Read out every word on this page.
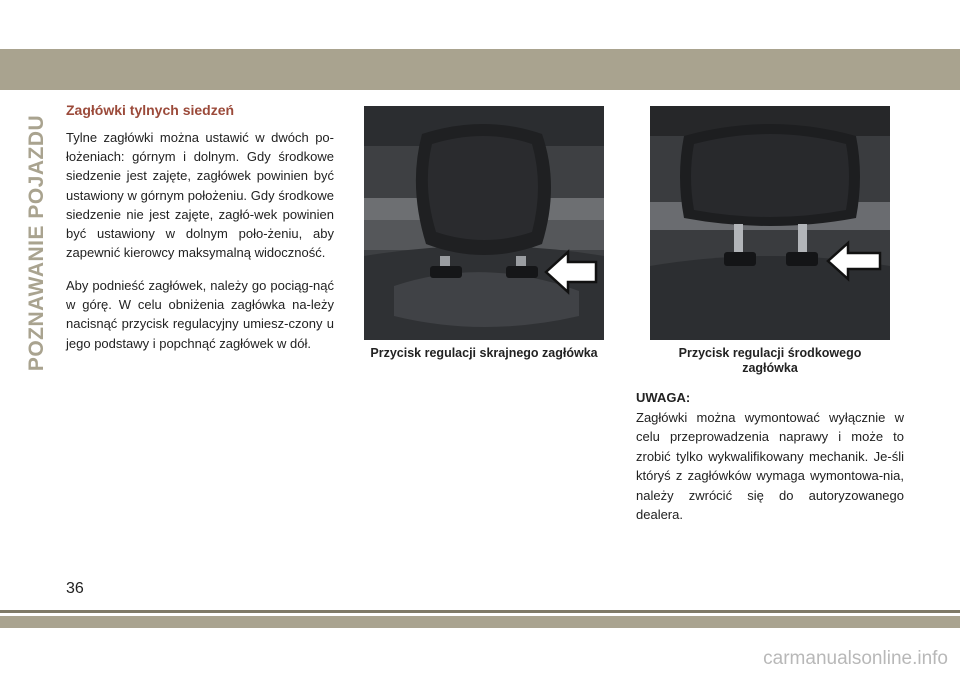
POZNAWANIE POJAZDU
Zagłówki tylnych siedzeń

Tylne zagłówki można ustawić w dwóch po-łożeniach: górnym i dolnym. Gdy środkowe siedzenie jest zajęte, zagłówek powinien być ustawiony w górnym położeniu. Gdy środkowe siedzenie nie jest zajęte, zagłó-wek powinien być ustawiony w dolnym poło-żeniu, aby zapewnić kierowcy maksymalną widoczność.

Aby podnieść zagłówek, należy go pociąg-nąć w górę. W celu obniżenia zagłówka na-leży nacisnąć przycisk regulacyjny umiesz-czony u jego podstawy i popchnąć zagłówek w dół.

Przycisk regulacji skrajnego zagłówka	Przycisk regulacji środkowego zagłówka

UWAGA:

Zagłówki można wymontować wyłącznie w celu przeprowadzenia naprawy i może to zrobić tylko wykwalifikowany mechanik. Je-śli któryś z zagłówków wymaga wymontowa-nia, należy zwrócić się do autoryzowanego dealera.

36

carmanualsonline.info
